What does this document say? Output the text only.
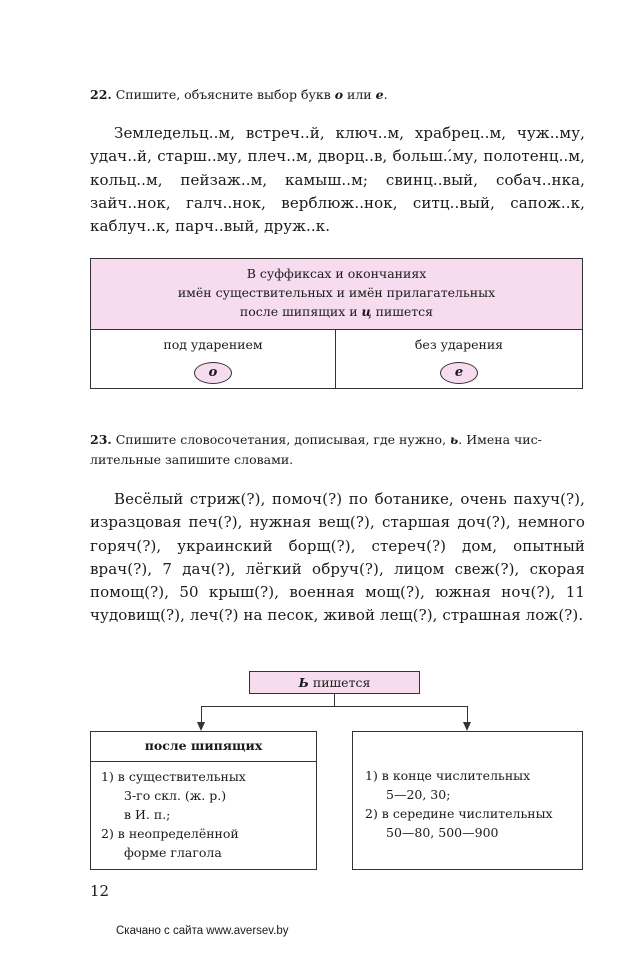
22. Спишите, объясните выбор букв о или е.
Земледельц..м, встреч..й, ключ..м, храбрец..м, чуж..му, удач..й, старш..му, плеч..м, дворц..в, больш..́му, полотенц..м, кольц..м, пейзаж..м, камыш..м; свинц..вый, собач..нка, зайч..нок, галч..нок, верблюж..нок, ситц..вый, сапож..к, каблуч..к, парч..вый, друж..к.
В суффиксах и окончаниях
имён существительных и имён прилагательных
после шипящих и ц пишется
под ударением
о
без ударения
е
23. Спишите словосочетания, дописывая, где нужно, ь. Имена числительные запишите словами.
Весёлый стриж(?), помоч(?) по ботанике, очень пахуч(?), изразцовая печ(?), нужная вещ(?), старшая доч(?), немного горяч(?), украинский борщ(?), стереч(?) дом, опытный врач(?), 7 дач(?), лёгкий обруч(?), лицом свеж(?), скорая помощ(?), 50 крыш(?), военная мощ(?), южная ноч(?), 11 чудовищ(?), леч(?) на песок, живой лещ(?), страшная лож(?).
Ь пишется
после шипящих
1) в существительных
3-го скл. (ж. р.)
в И. п.;
2) в неопределённой
форме глагола
1) в конце числительных
5—20, 30;
2) в середине числительных
50—80, 500—900
12
Скачано с сайта www.aversev.by
